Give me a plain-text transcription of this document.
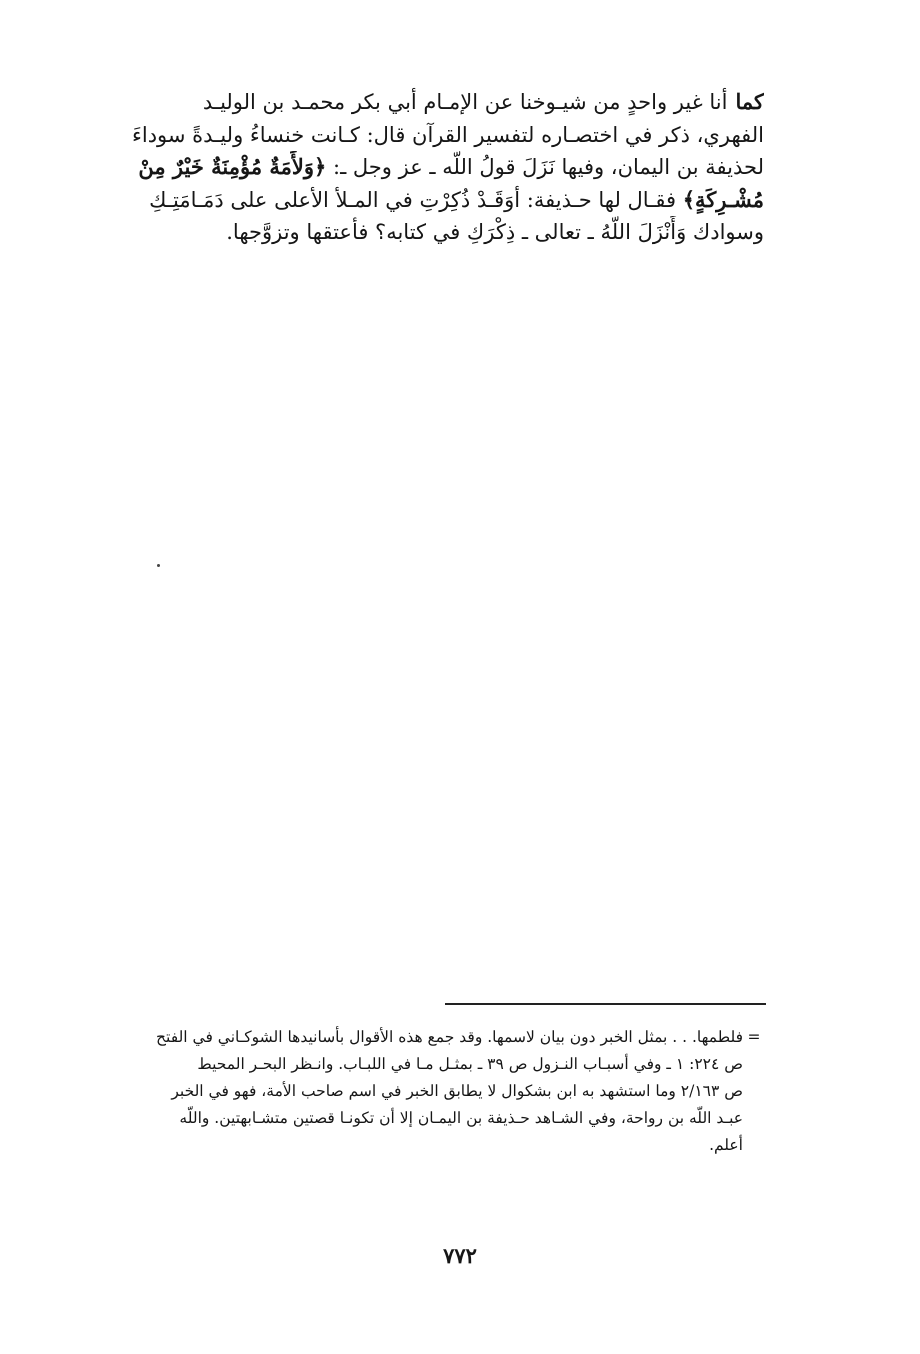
كماأنا غير واحدٍ من شيـوخنا عن الإمـام أبي بكر محمـد بن الوليـد
الفهري، ذكر في اختصـاره لتفسير القرآن قال: كـانت خنساءُ وليـدةً سوداءَ
لحذيفة بن اليمان، وفيها نَزَلَ قولُ اللّه ـ عز وجل ـ: ﴿وَلأَمَةٌ مُؤْمِنَةٌ خَيْرٌ مِنْ
مُشْـرِكَةٍ﴾ فقـال لها حـذيفة: أوَقَـدْ ذُكِرْتِ في المـلأ الأعلى على دَمَـامَتِـكِ
وسوادك وَأَنْزَلَ اللّهُ ـ تعالى ـ ذِكْرَكِ في كتابه؟ فأعتقها وتزوَّجها.
=فلطمها. . . بمثل الخبر دون بيان لاسمها. وقد جمع هذه الأقوال بأسانيدها الشوكـاني في الفتح
ص ٢٢٤: ١ ـ وفي أسبـاب النـزول ص ٣٩ ـ بمثـل مـا في اللبـاب. وانـظر البحـر المحيط
ص ٢/١٦٣ وما استشهد به ابن بشكوال لا يطابق الخبر في اسم صاحب الأمة، فهو في الخبر
عبـد اللّه بن رواحة، وفي الشـاهد حـذيفة بن اليمـان إلا أن تكونـا قصتين متشـابهتين. واللّه
أعلم.
٧٧٢
